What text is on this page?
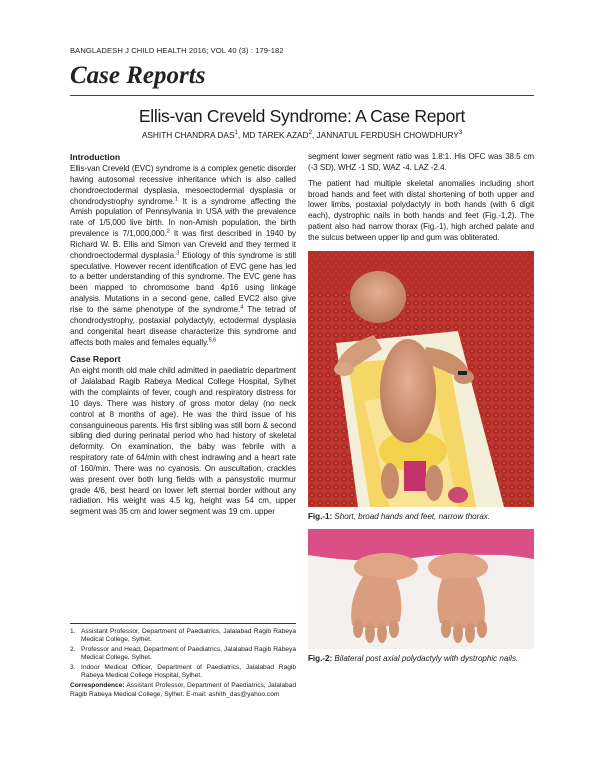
BANGLADESH J CHILD HEALTH 2016; VOL 40 (3) : 179-182
Case Reports
Ellis-van Creveld Syndrome: A Case Report
ASHITH CHANDRA DAS$^1$, MD TAREK AZAD$^2$, JANNATUL FERDUSH CHOWDHURY$^3$
Introduction

Ellis-van Creveld (EVC) syndrome is a complex genetic disorder having autosomal recessive inheritance which is also called chondroectodermal dysplasia, mesoectodermal dysplasia or chondrodystrophy syndrome.$^1$ It is a syndrome affecting the Amish population of Pennsylvania in USA with the prevalence rate of 1/5,000 live birth. In non-Amish population, the birth prevalence is 7/1,000,000.$^2$ It was first described in 1940 by Richard W. B. Ellis and Simon van Creveld and they termed it chondroectodermal dysplasia.$^3$ Etiology of this syndrome is still speculative. However recent identification of EVC gene has led to a better understanding of this syndrome. The EVC gene has been mapped to chromosome band 4p16 using linkage analysis. Mutations in a second gene, called EVC2 also give rise to the same phenotype of the syndrome.$^4$ The tetrad of chondrodystrophy, postaxial polydactyly, ectodermal dysplasia and congenital heart disease characterize this syndrome and affects both males and females equally.$^{5,6}$

Case Report

An eight month old male child admitted in paediatric department of Jalalabad Ragib Rabeya Medical College Hospital, Sylhet with the complaints of fever, cough and respiratory distress for 10 days. There was history of gross motor delay (no neck control at 8 months of age). He was the third issue of his consanguineous parents. His first sibling was still born & second sibling died during perinatal period who had history of skeletal deformity. On examination, the baby was febrile with a respiratory rate of 64/min with chest indrawing and a heart rate of 160/min. There was no cyanosis. On auscultation, crackles was present over both lung fields with a pansystolic murmur grade 4/6, best heard on lower left sternal border without any radiation. His weight was 4.5 kg, height was 54 cm, upper segment was 35 cm and lower segment was 19 cm. upper

segment lower segment ratio was 1.8:1. His OFC was 38.5 cm (-3 SD), WHZ -1 SD, WAZ -4. LAZ -2.4.

The patient had multiple skeletal anomalies including short broad hands and feet with distal shortening of both upper and lower limbs, postaxial polydactyly in both hands (with 6 digit each), dystrophic nails in both hands and feet (Fig.-1,2). The patient also had narrow thorax (Fig.-1), high arched palate and the sulcus between upper lip and gum was obliterated.

Fig.-1: Short, broad hands and feet, narrow thorax.

Fig.-2: Bilateral post axial polydactyly with dystrophic nails.

1. Assistant Professor, Department of Paediatrics, Jalalabad Ragib Rabeya Medical College, Sylhet.
2. Professor and Head, Department of Paediatrics, Jalalabad Ragib Rabeya Medical College, Sylhet.
3. Indoor Medical Officer, Department of Paediatrics, Jalalabad Ragib Rabeya Medical College Hospital, Sylhet.
Correspondence: Assistant Professor, Department of Paediatrics, Jalalabad Ragib Rabeya Medical College, Sylhet. E-mail: ashith_das@yahoo.com
